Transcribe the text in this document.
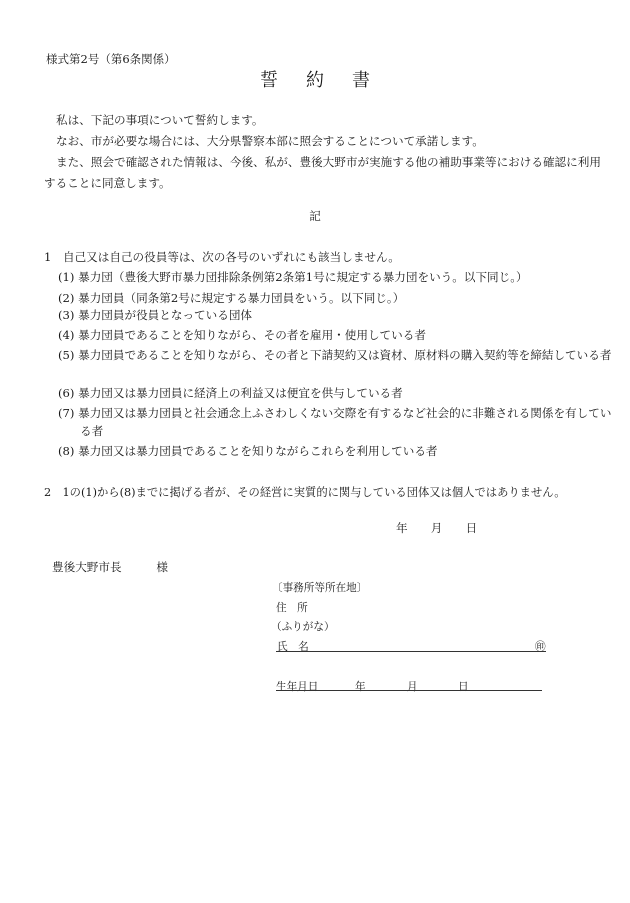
様式第2号（第6条関係）
誓約書
私は、下記の事項について誓約します。
なお、市が必要な場合には、大分県警察本部に照会することについて承諾します。
また、照会で確認された情報は、今後、私が、豊後大野市が実施する他の補助事業等における確認に利用することに同意します。
記
1　自己又は自己の役員等は、次の各号のいずれにも該当しません。
(1) 暴力団（豊後大野市暴力団排除条例第2条第1号に規定する暴力団をいう。以下同じ。）
(2) 暴力団員（同条第2号に規定する暴力団員をいう。以下同じ。）
(3) 暴力団員が役員となっている団体
(4) 暴力団員であることを知りながら、その者を雇用・使用している者
(5) 暴力団員であることを知りながら、その者と下請契約又は資材、原材料の購入契約等を締結している者
(6) 暴力団又は暴力団員に経済上の利益又は便宜を供与している者
(7) 暴力団又は暴力団員と社会通念上ふさわしくない交際を有するなど社会的に非難される関係を有している者
(8) 暴力団又は暴力団員であることを知りながらこれらを利用している者
2　1の(1)から(8)までに掲げる者が、その経営に実質的に関与している団体又は個人ではありません。
年　　月　　日
豊後大野市長　　　様
〔事務所等所在地〕
住　所
（ふりがな）
氏　名	㊞
生年月日	年	月	日
